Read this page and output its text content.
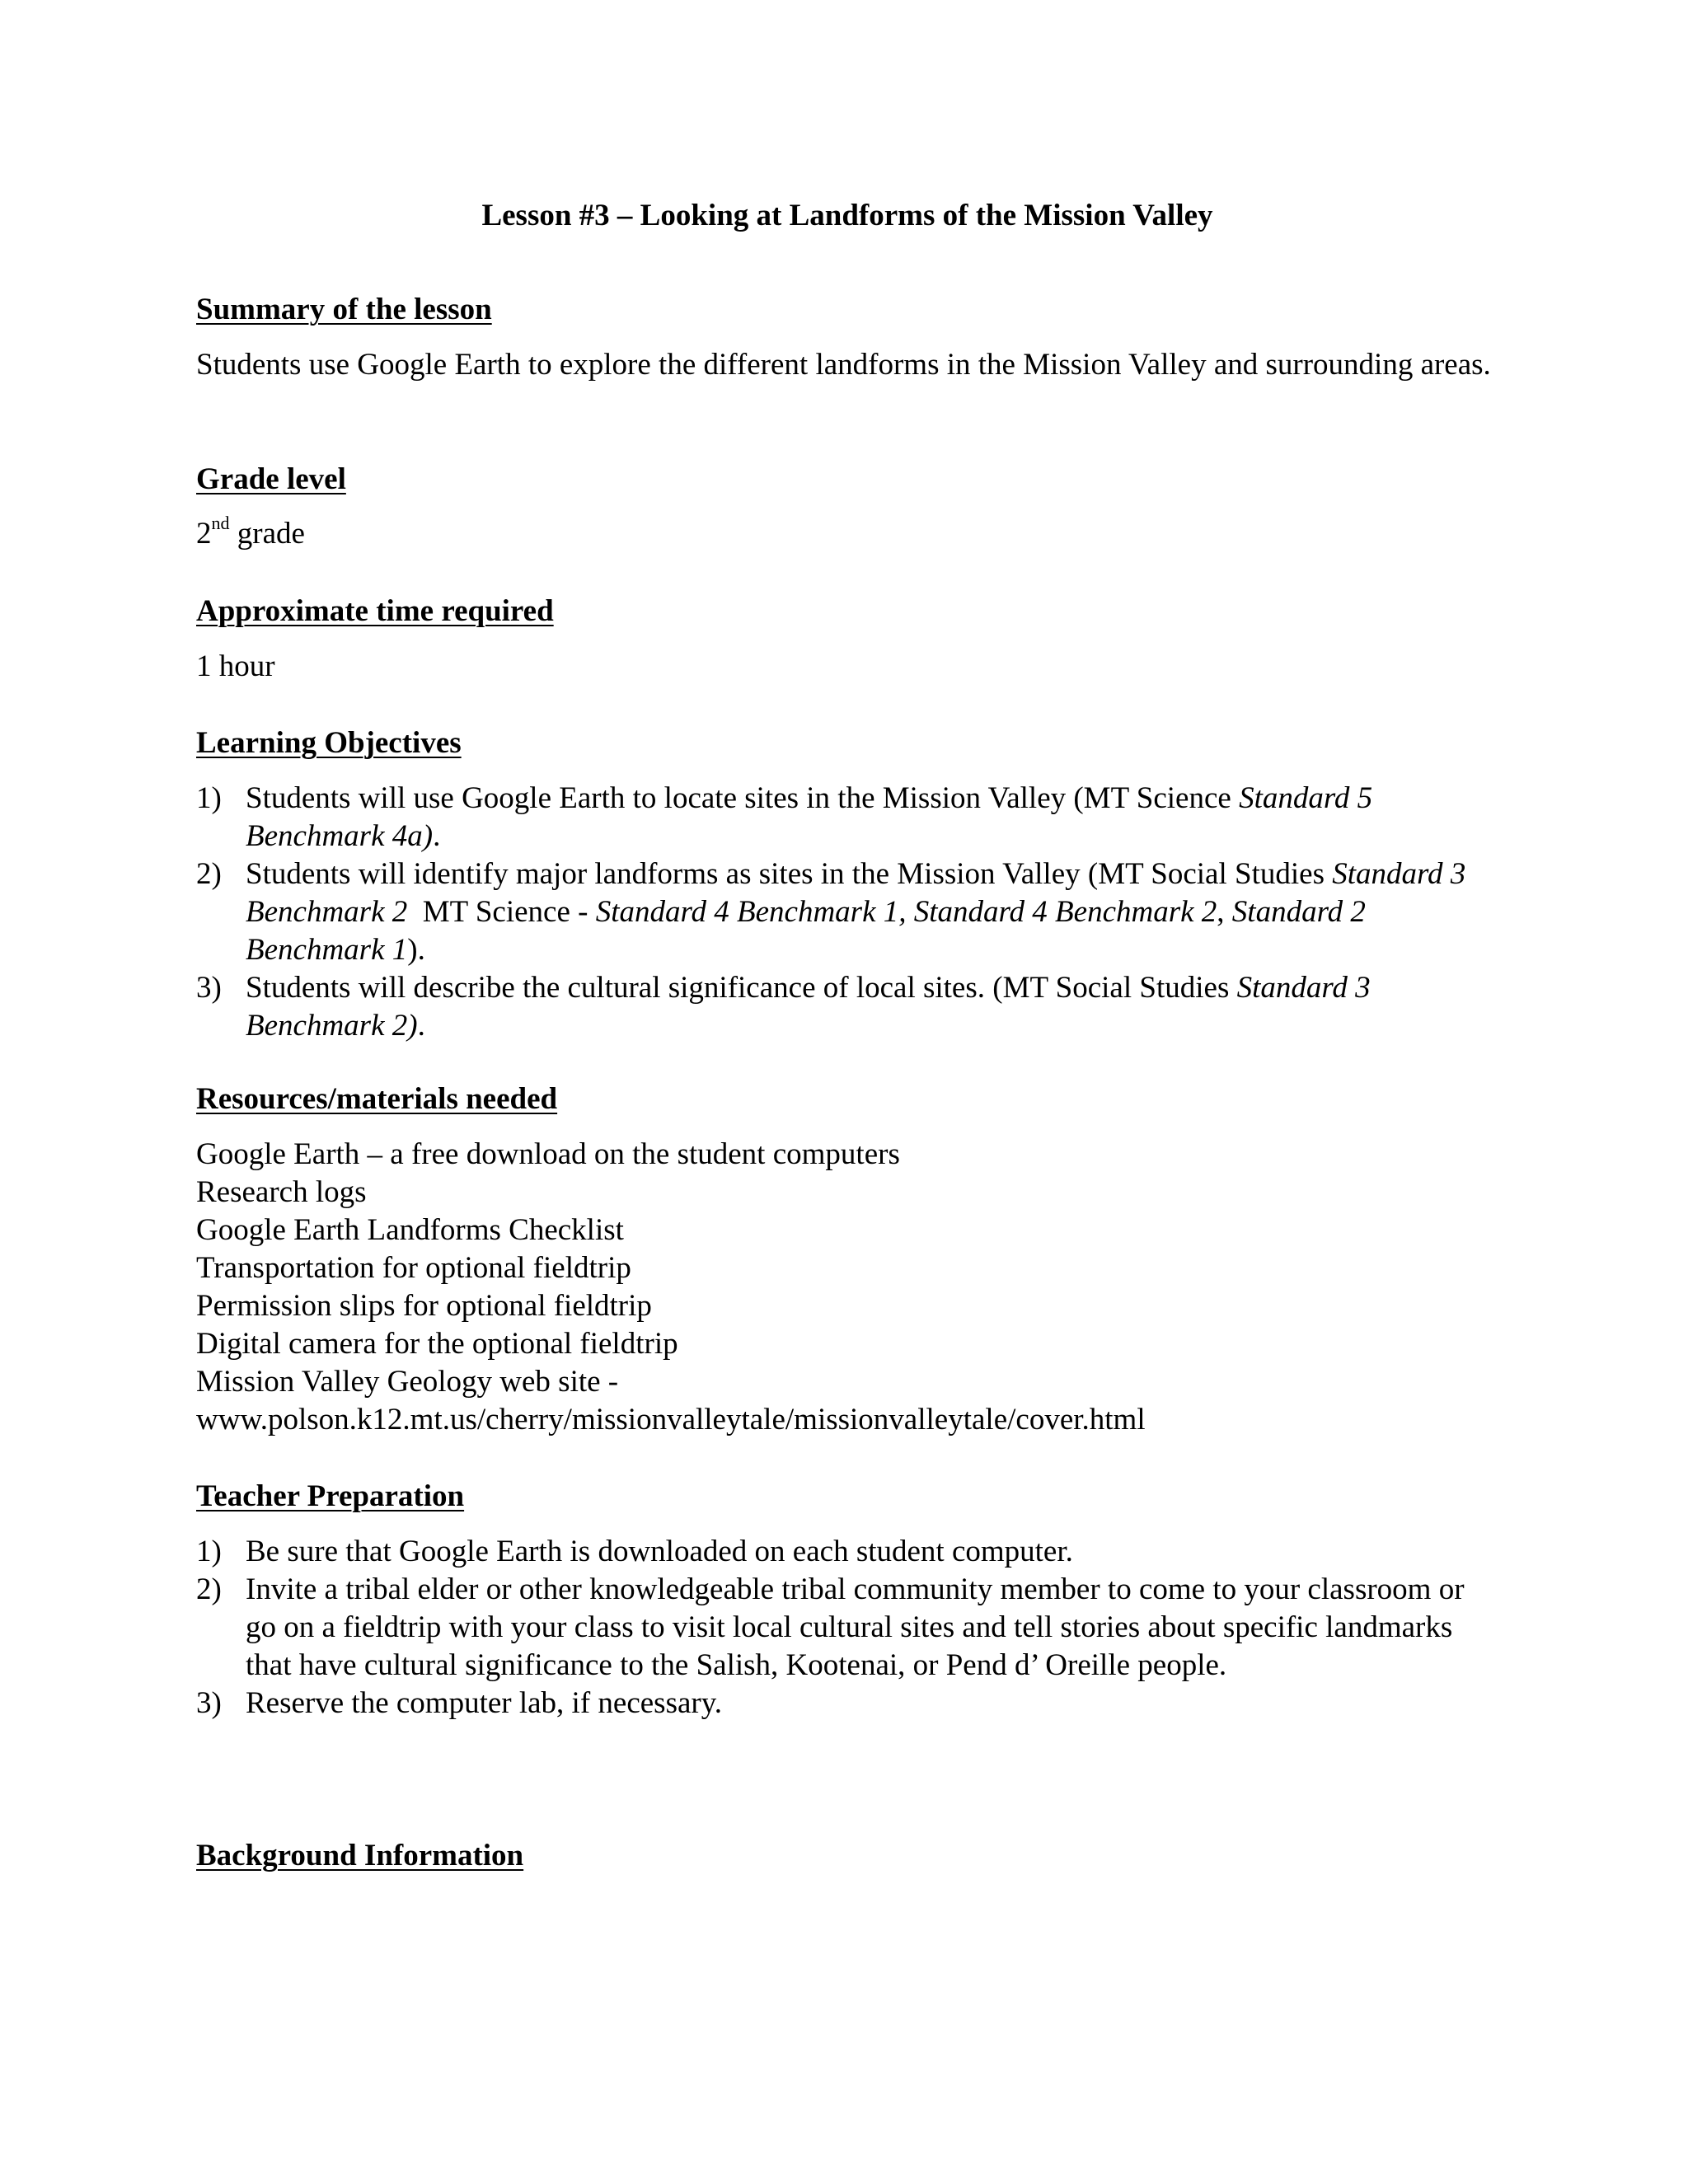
Lesson #3 – Looking at Landforms of the Mission Valley
Summary of the lesson
Students use Google Earth to explore the different landforms in the Mission Valley and surrounding areas.
Grade level
2nd grade
Approximate time required
1 hour
Learning Objectives
1) Students will use Google Earth to locate sites in the Mission Valley (MT Science Standard 5 Benchmark 4a).
2) Students will identify major landforms as sites in the Mission Valley (MT Social Studies Standard 3 Benchmark 2  MT Science - Standard 4 Benchmark 1, Standard 4 Benchmark 2, Standard 2 Benchmark 1).
3) Students will describe the cultural significance of local sites. (MT Social Studies Standard 3 Benchmark 2).
Resources/materials needed
Google Earth – a free download on the student computers
Research logs
Google Earth Landforms Checklist
Transportation for optional fieldtrip
Permission slips for optional fieldtrip
Digital camera for the optional fieldtrip
Mission Valley Geology web site -
www.polson.k12.mt.us/cherry/missionvalleytale/missionvalleytale/cover.html
Teacher Preparation
1) Be sure that Google Earth is downloaded on each student computer.
2) Invite a tribal elder or other knowledgeable tribal community member to come to your classroom or go on a fieldtrip with your class to visit local cultural sites and tell stories about specific landmarks that have cultural significance to the Salish, Kootenai, or Pend d’ Oreille people.
3) Reserve the computer lab, if necessary.
Background Information
